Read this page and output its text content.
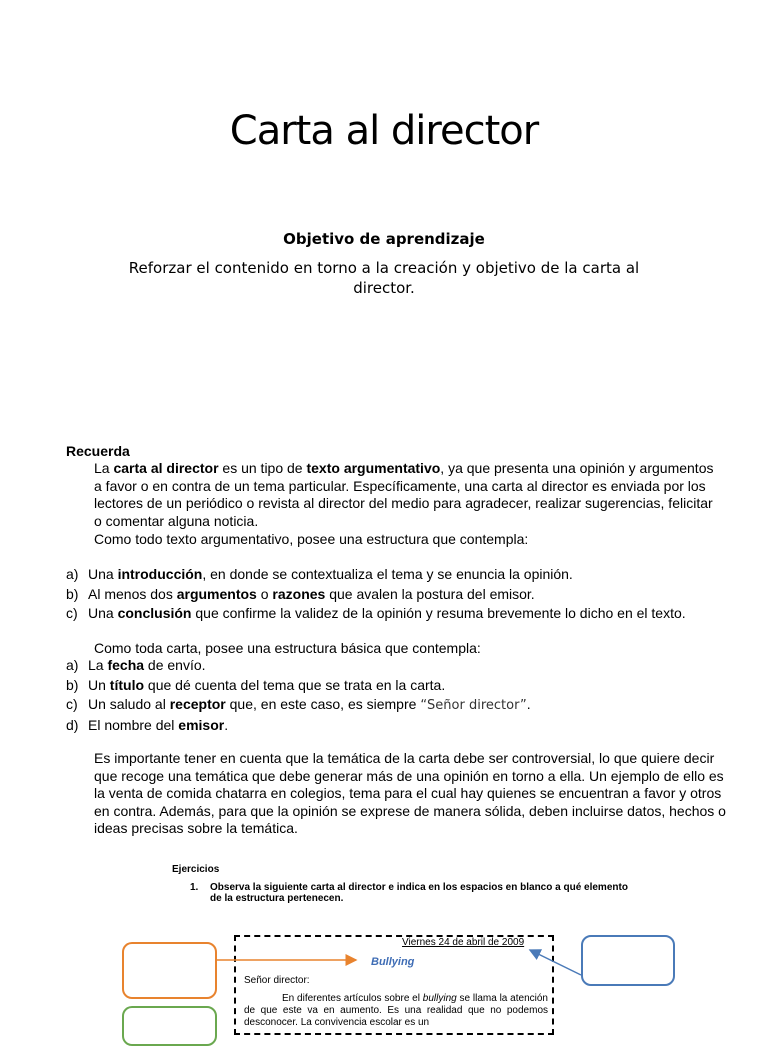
Carta al director
Objetivo de aprendizaje
Reforzar el contenido en torno a la creación y objetivo de la carta al director.
Recuerda
La carta al director es un tipo de texto argumentativo, ya que presenta una opinión y argumentos a favor o en contra de un tema particular. Específicamente, una carta al director es enviada por los lectores de un periódico o revista al director del medio para agradecer, realizar sugerencias, felicitar o comentar alguna noticia.
Como todo texto argumentativo, posee una estructura que contempla:
a) Una introducción, en donde se contextualiza el tema y se enuncia la opinión.
b) Al menos dos argumentos o razones que avalen la postura del emisor.
c) Una conclusión que confirme la validez de la opinión y resuma brevemente lo dicho en el texto.
Como toda carta, posee una estructura básica que contempla:
a) La fecha de envío.
b) Un título que dé cuenta del tema que se trata en la carta.
c) Un saludo al receptor que, en este caso, es siempre “Señor director”.
d) El nombre del emisor.
Es importante tener en cuenta que la temática de la carta debe ser controversial, lo que quiere decir que recoge una temática que debe generar más de una opinión en torno a ella. Un ejemplo de ello es la venta de comida chatarra en colegios, tema para el cual hay quienes se encuentran a favor y otros en contra. Además, para que la opinión se exprese de manera sólida, deben incluirse datos, hechos o ideas precisas sobre la temática.
Ejercicios
1. Observa la siguiente carta al director e indica en los espacios en blanco a qué elemento de la estructura pertenecen.
Viernes 24 de abril de 2009
Bullying
Señor director:
En diferentes artículos sobre el bullying se llama la atención de que este va en aumento. Es una realidad que no podemos desconocer. La convivencia escolar es un
